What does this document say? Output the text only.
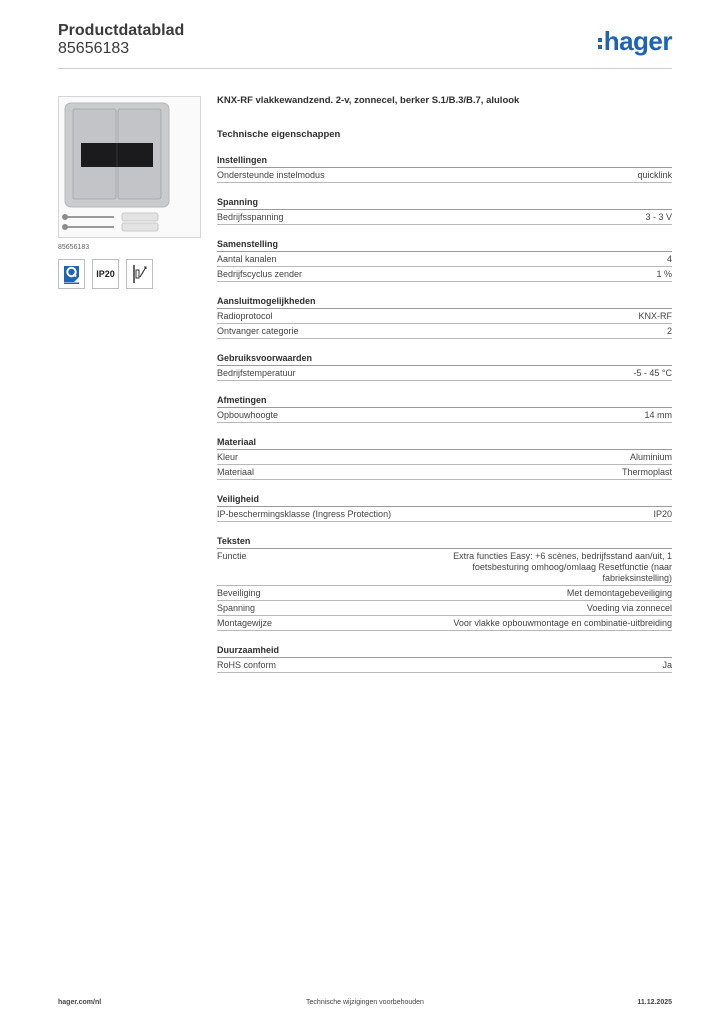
Productdatablad
85656183	hager
85656183
IP20
KNX-RF vlakkewandzend. 2-v, zonnecel, berker S.1/B.3/B.7, alulook
Technische eigenschappen
Instellingen
Ondersteunde instelmodus	quicklink
Spanning
Bedrijfsspanning	3 - 3 V
Samenstelling
Aantal kanalen	4
Bedrijfscyclus zender	1 %
Aansluitmogelijkheden
Radioprotocol	KNX-RF
Ontvanger categorie	2
Gebruiksvoorwaarden
Bedrijfstemperatuur	-5 - 45 °C
Afmetingen
Opbouwhoogte	14 mm
Materiaal
Kleur	Aluminium
Materiaal	Thermoplast
Veiligheid
IP-beschermingsklasse (Ingress Protection)	IP20
Teksten
Functie	Extra functies Easy: +6 scènes, bedrijfsstand aan/uit, 1 foetsbesturing omhoog/omlaag Resetfunctie (naar fabrieksinstelling)
Beveiliging	Met demontagebeveiliging
Spanning	Voeding via zonnecel
Montagewijze	Voor vlakke opbouwmontage en combinatie-uitbreiding
Duurzaamheid
RoHS conform	Ja
hager.com/nl	Technische wijzigingen voorbehouden	11.12.2025
